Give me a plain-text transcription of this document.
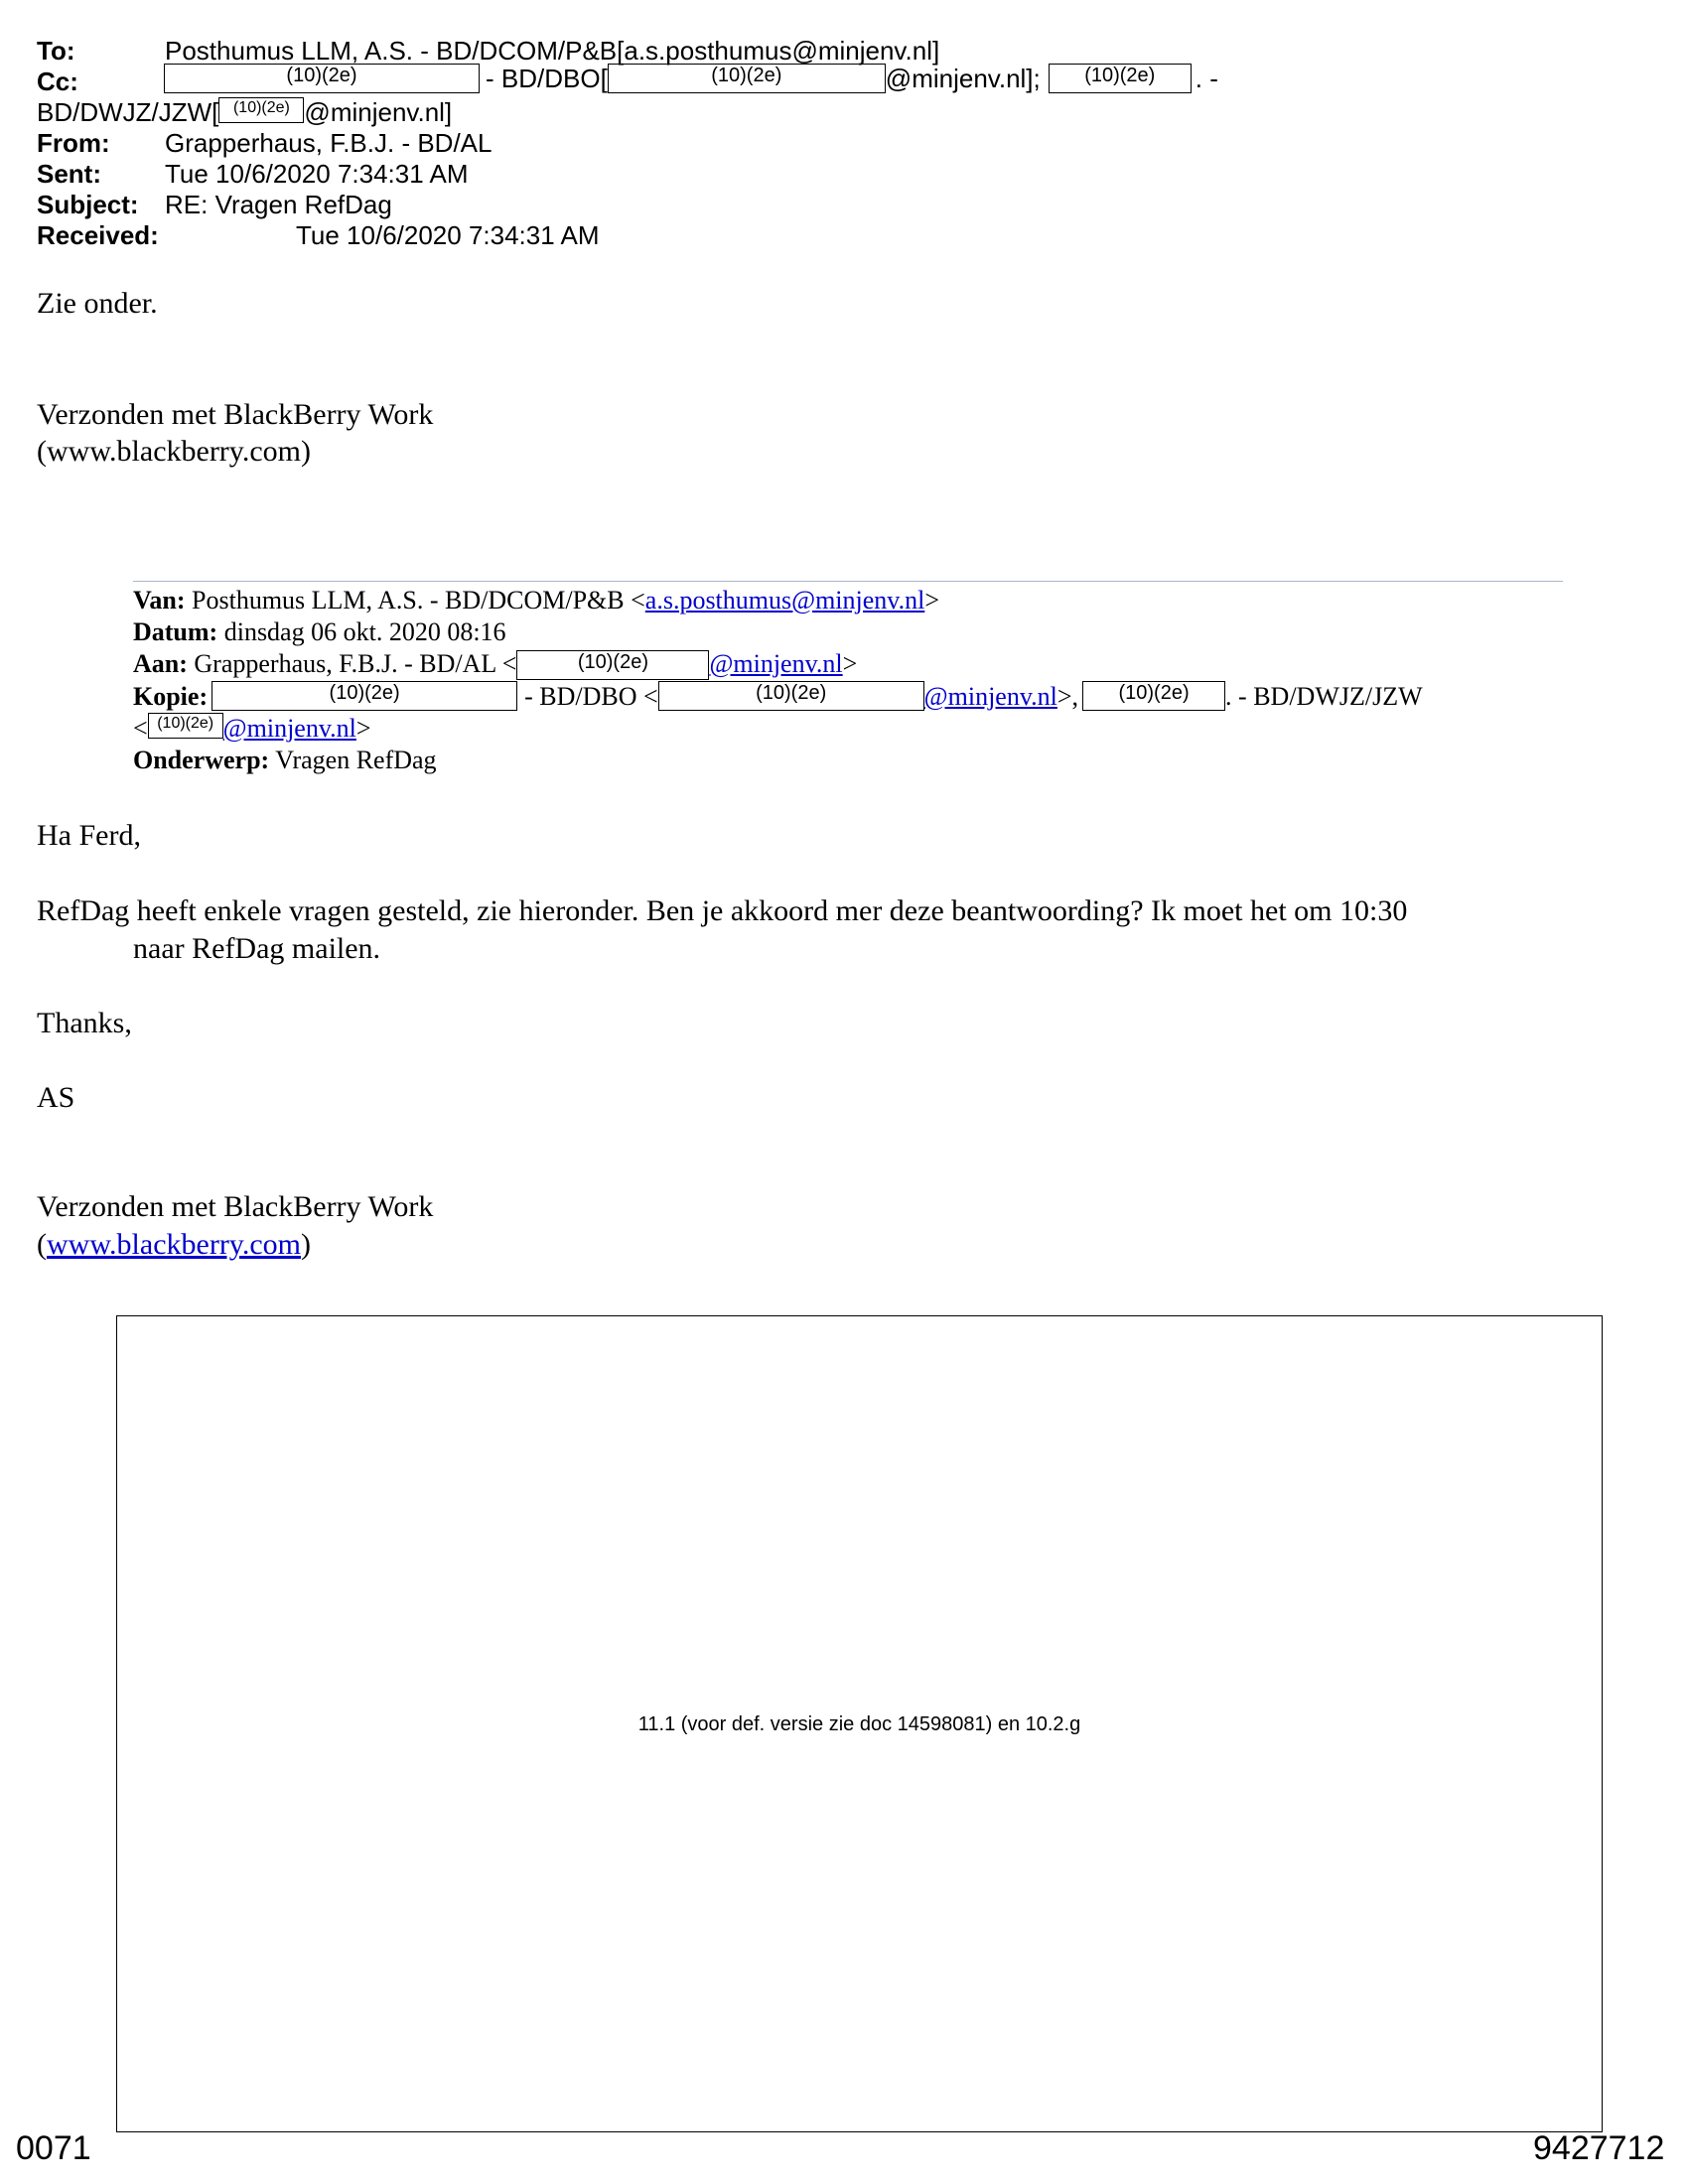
To:	Posthumus LLM, A.S. - BD/DCOM/P&B[a.s.posthumus@minjenv.nl]
Cc:	(10)(2e)	- BD/DBO[	(10)(2e)	@minjenv.nl]; (10)(2e) . -
BD/DWJZ/JZW[ (10)(2e) @minjenv.nl]
From: Grapperhaus, F.B.J. - BD/AL
Sent: Tue 10/6/2020 7:34:31 AM
Subject: RE: Vragen RefDag
Received:	Tue 10/6/2020 7:34:31 AM
Zie onder.
Verzonden met BlackBerry Work
(www.blackberry.com)
Van: Posthumus LLM, A.S. - BD/DCOM/P&B <a.s.posthumus@minjenv.nl>
Datum: dinsdag 06 okt. 2020 08:16
Aan: Grapperhaus, F.B.J. - BD/AL <	(10)(2e) @minjenv.nl>
Kopie:	(10)(2e)	- BD/DBO <	(10)(2e)	@minjenv.nl>, (10)(2e) . - BD/DWJZ/JZW
< (10)(2e) @minjenv.nl>
Onderwerp: Vragen RefDag
Ha Ferd,
RefDag heeft enkele vragen gesteld, zie hieronder. Ben je akkoord mer deze beantwoording? Ik moet het om 10:30
naar RefDag mailen.
Thanks,
AS
Verzonden met BlackBerry Work
(www.blackberry.com)
11.1 (voor def. versie zie doc 14598081) en 10.2.g
0071	9427712
